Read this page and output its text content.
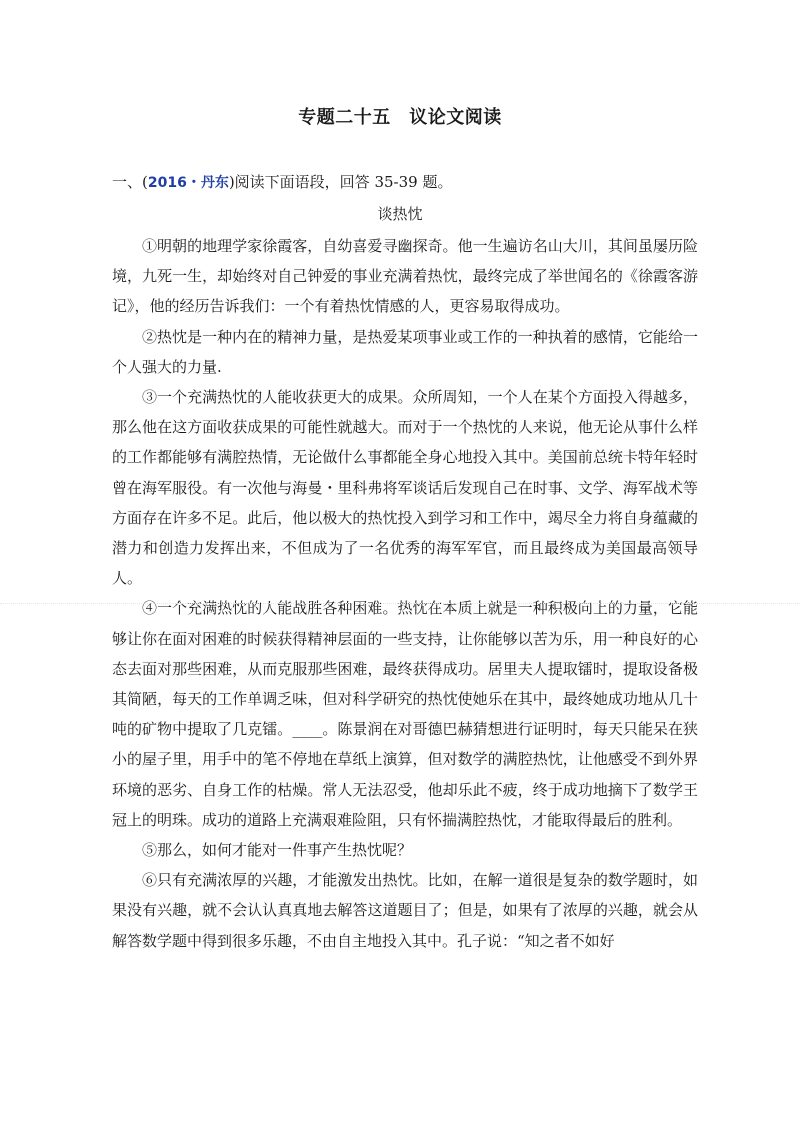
专题二十五　议论文阅读
一、(2016・丹东)阅读下面语段，回答 35-39 题。
谈热忱

①明朝的地理学家徐霞客，自幼喜爱寻幽探奇。他一生遍访名山大川，其间虽屡历险境，九死一生，却始终对自己钟爱的事业充满着热忱，最终完成了举世闻名的《徐霞客游记》，他的经历告诉我们：一个有着热忱情感的人，更容易取得成功。

②热忱是一种内在的精神力量，是热爱某项事业或工作的一种执着的感情，它能给一个人强大的力量.

③一个充满热忱的人能收获更大的成果。众所周知，一个人在某个方面投入得越多，那么他在这方面收获成果的可能性就越大。而对于一个热忱的人来说，他无论从事什么样的工作都能够有满腔热情，无论做什么事都能全身心地投入其中。美国前总统卡特年轻时曾在海军服役。有一次他与海曼・里科弗将军谈话后发现自己在时事、文学、海军战术等方面存在许多不足。此后，他以极大的热忱投入到学习和工作中，竭尽全力将自身蕴藏的潜力和创造力发挥出来，不但成为了一名优秀的海军军官，而且最终成为美国最高领导人。

④一个充满热忱的人能战胜各种困难。热忱在本质上就是一种积极向上的力量，它能够让你在面对困难的时候获得精神层面的一些支持，让你能够以苦为乐，用一种良好的心态去面对那些困难，从而克服那些困难，最终获得成功。居里夫人提取镭时，提取设备极其简陋，每天的工作单调乏味，但对科学研究的热忱使她乐在其中，最终她成功地从几十吨的矿物中提取了几克镭。____。陈景润在对哥德巴赫猜想进行证明时，每天只能呆在狭小的屋子里，用手中的笔不停地在草纸上演算，但对数学的满腔热忱，让他感受不到外界环境的恶劣、自身工作的枯燥。常人无法忍受，他却乐此不疲，终于成功地摘下了数学王冠上的明珠。成功的道路上充满艰难险阻，只有怀揣满腔热忱，才能取得最后的胜利。

⑤那么，如何才能对一件事产生热忱呢？

⑥只有充满浓厚的兴趣，才能激发出热忱。比如，在解一道很是复杂的数学题时，如果没有兴趣，就不会认认真真地去解答这道题目了；但是，如果有了浓厚的兴趣，就会从解答数学题中得到很多乐趣，不由自主地投入其中。孔子说：“知之者不如好
